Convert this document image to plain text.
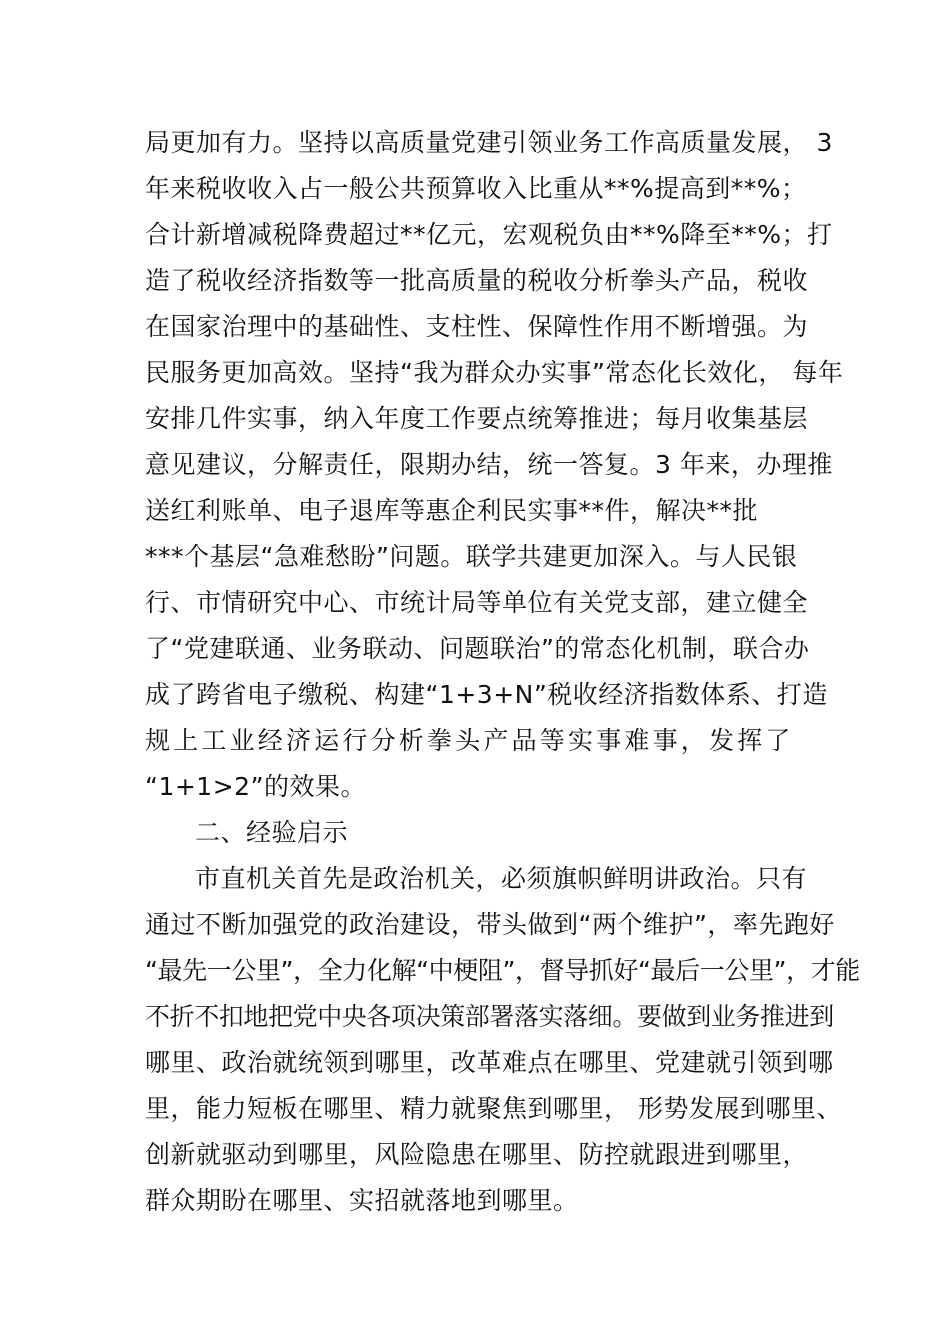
局更加有力。坚持以高质量党建引领业务工作高质量发展， 3
年来税收收入占一般公共预算收入比重从**%提高到**%；
合计新增减税降费超过**亿元，宏观税负由**%降至**%；打
造了税收经济指数等一批高质量的税收分析拳头产品，税收
在国家治理中的基础性、支柱性、保障性作用不断增强。为
民服务更加高效。坚持“我为群众办实事”常态化长效化， 每年
安排几件实事，纳入年度工作要点统筹推进；每月收集基层
意见建议，分解责任，限期办结，统一答复。3 年来，办理推
送红利账单、电子退库等惠企利民实事**件，解决**批
***个基层“急难愁盼”问题。联学共建更加深入。与人民银
行、市情研究中心、市统计局等单位有关党支部，建立健全
了“党建联通、业务联动、问题联治”的常态化机制，联合办
成了跨省电子缴税、构建“1+3+N”税收经济指数体系、打造
规上工业经济运行分析拳头产品等实事难事，发挥了
“1+1>2”的效果。
二、经验启示
市直机关首先是政治机关，必须旗帜鲜明讲政治。只有
通过不断加强党的政治建设，带头做到“两个维护”，率先跑好
“最先一公里”，全力化解“中梗阻”，督导抓好“最后一公里”，才能
不折不扣地把党中央各项决策部署落实落细。要做到业务推进到
哪里、政治就统领到哪里，改革难点在哪里、党建就引领到哪
里，能力短板在哪里、精力就聚焦到哪里， 形势发展到哪里、
创新就驱动到哪里，风险隐患在哪里、防控就跟进到哪里，
群众期盼在哪里、实招就落地到哪里。
